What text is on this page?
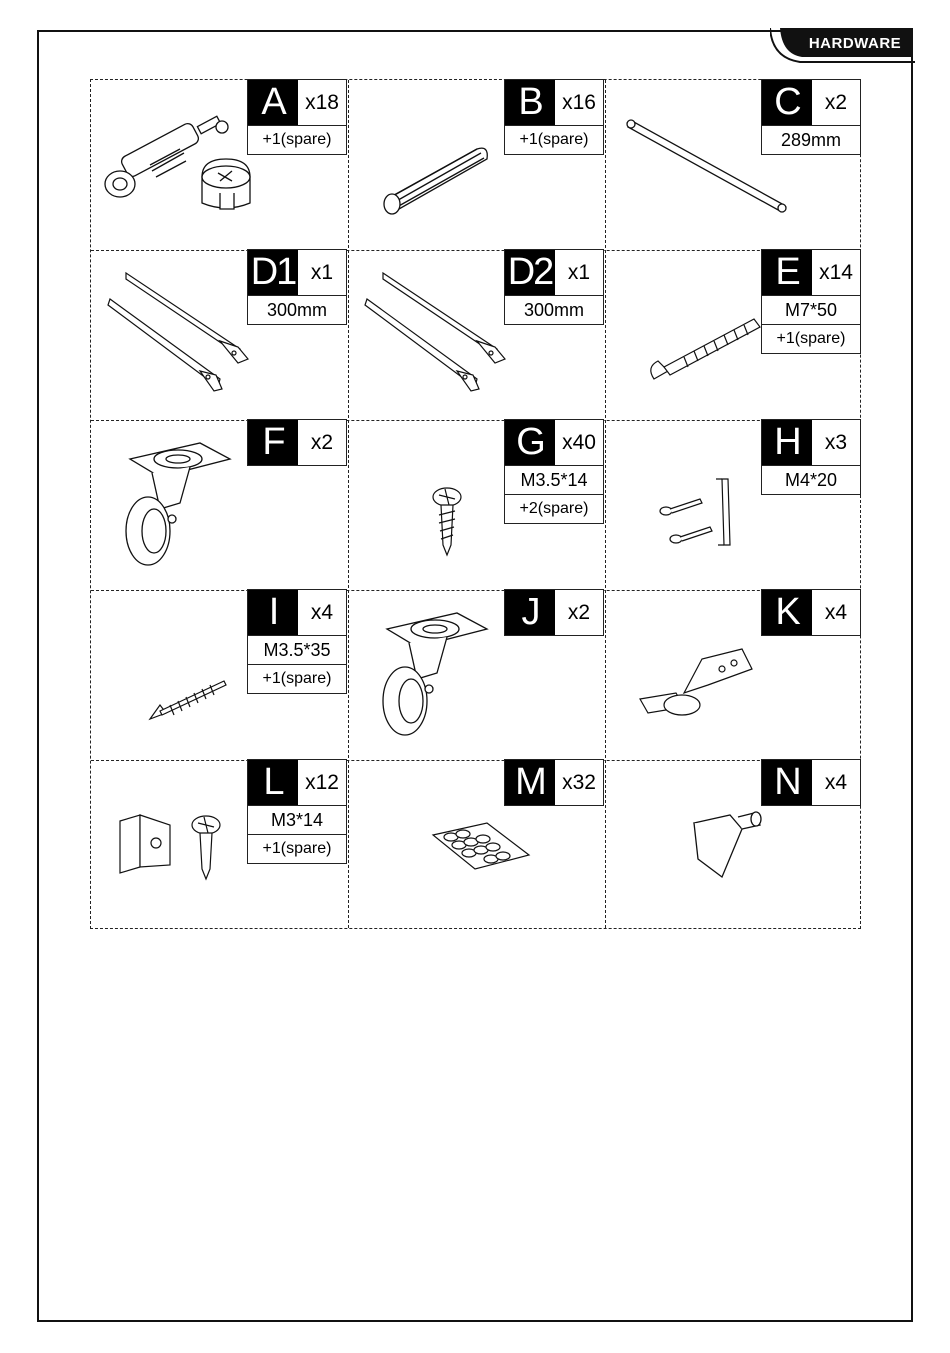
HARDWARE
A x18
+1(spare)
B x16
+1(spare)
C	x2
289mm
D1 x1
300mm
D2 x1
300mm
E x14
M7*50
+1(spare)
F	x2	G x40
M3.5*14
+2(spare)
H	x3
M4*20
I	x4
M3.5*35
+1(spare)
J	x2	K	x4
L	x12
M3*14
+1(spare)
M x32	N	x4
